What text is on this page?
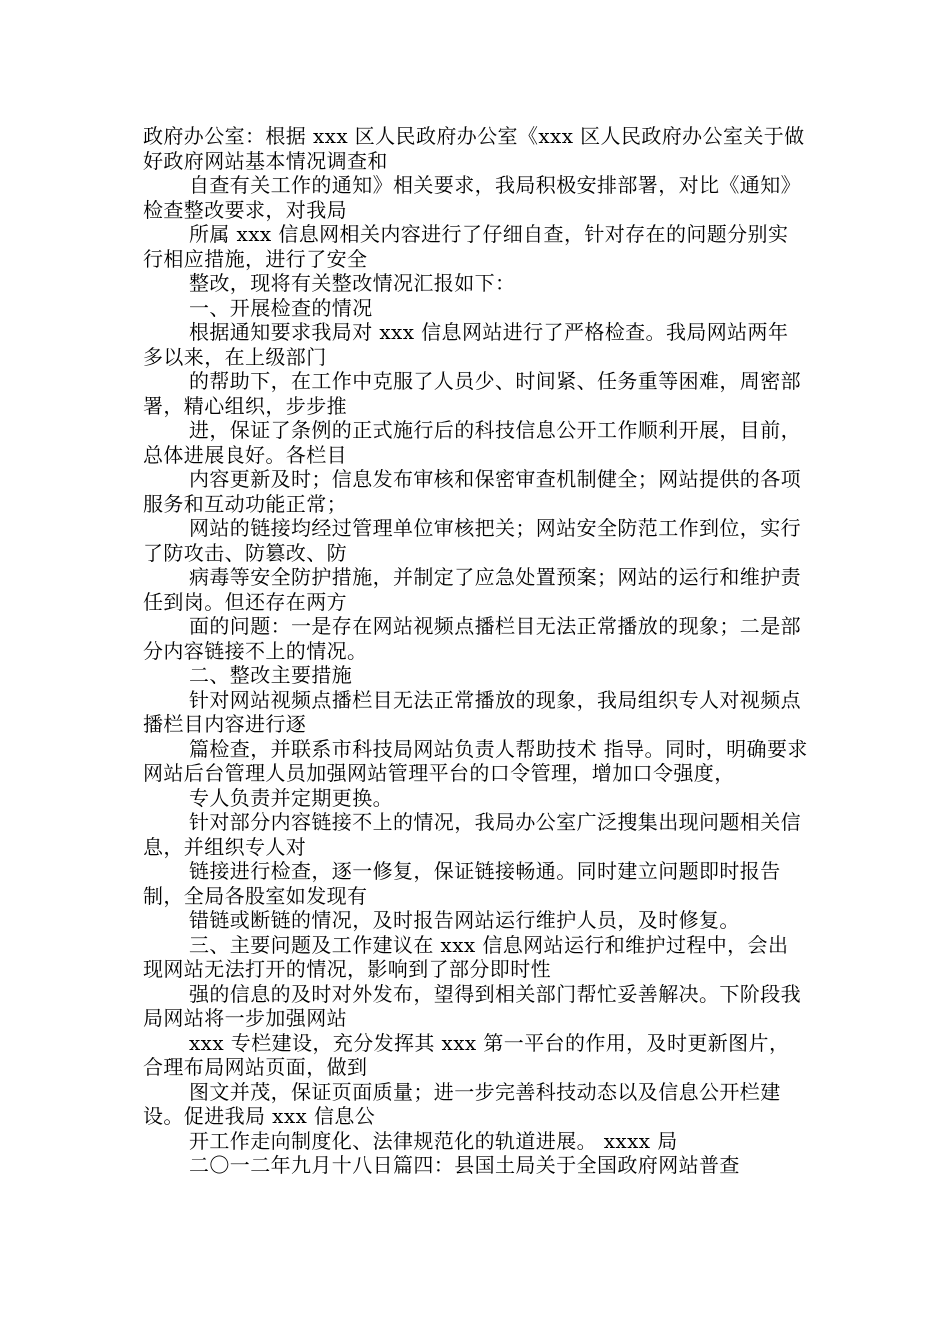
政府办公室：根据 xxx 区人民政府办公室《xxx 区人民政府办公室关于做好政府网站基本情况调查和

自查有关工作的通知》相关要求，我局积极安排部署，对比《通知》检查整改要求，对我局

所属 xxx 信息网相关内容进行了仔细自查，针对存在的问题分别实行相应措施，进行了安全

整改，现将有关整改情况汇报如下：

一、开展检查的情况

根据通知要求我局对 xxx 信息网站进行了严格检查。我局网站两年多以来，在上级部门

的帮助下，在工作中克服了人员少、时间紧、任务重等困难，周密部署，精心组织，步步推

进，保证了条例的正式施行后的科技信息公开工作顺利开展，目前，总体进展良好。各栏目

内容更新及时；信息发布审核和保密审查机制健全；网站提供的各项服务和互动功能正常；

网站的链接均经过管理单位审核把关；网站安全防范工作到位，实行了防攻击、防篡改、防

病毒等安全防护措施，并制定了应急处置预案；网站的运行和维护责任到岗。但还存在两方

面的问题：一是存在网站视频点播栏目无法正常播放的现象；二是部分内容链接不上的情况。

二、整改主要措施

针对网站视频点播栏目无法正常播放的现象，我局组织专人对视频点播栏目内容进行逐

篇检查，并联系市科技局网站负责人帮助技术 指导。同时，明确要求网站后台管理人员加强网站管理平台的口令管理，增加口令强度，

专人负责并定期更换。

针对部分内容链接不上的情况，我局办公室广泛搜集出现问题相关信息，并组织专人对

链接进行检查，逐一修复，保证链接畅通。同时建立问题即时报告制，全局各股室如发现有

错链或断链的情况，及时报告网站运行维护人员，及时修复。

三、主要问题及工作建议在 xxx 信息网站运行和维护过程中，会出现网站无法打开的情况，影响到了部分即时性

强的信息的及时对外发布，望得到相关部门帮忙妥善解决。下阶段我局网站将一步加强网站

xxx 专栏建设，充分发挥其 xxx 第一平台的作用，及时更新图片，合理布局网站页面，做到

图文并茂，保证页面质量；进一步完善科技动态以及信息公开栏建设。促进我局 xxx 信息公

开工作走向制度化、法律规范化的轨道进展。 xxxx 局

二〇一二年九月十八日篇四：县国土局关于全国政府网站普查
